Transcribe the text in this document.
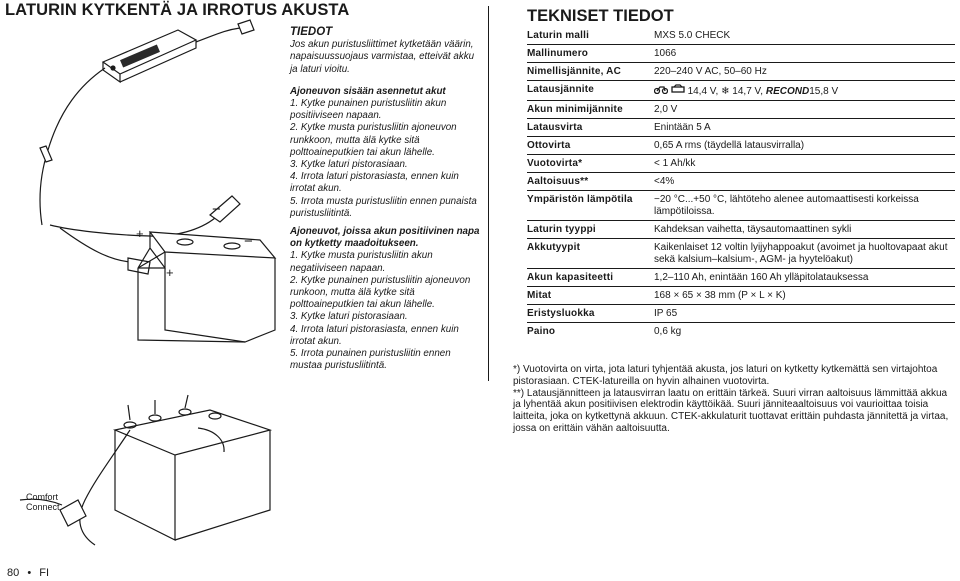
LATURIN KYTKENTÄ JA IRROTUS AKUSTA
+
−
+
−
Comfort
Connect
TIEDOT

Jos akun puristusliittimet kytketään väärin, napaisuussuojaus varmistaa, etteivät akku ja laturi vioitu.

Ajoneuvon sisään asennetut akut

1. Kytke punainen puristusliitin akun positiiviseen napaan.

2. Kytke musta puristusliitin ajoneuvon runkkoon, mutta älä kytke sitä polttoaineputkien tai akun lähelle.

3. Kytke laturi pistorasiaan.

4. Irrota laturi pistorasiasta, ennen kuin irrotat akun.

5. Irrota musta puristusliitin ennen punaista puristusliitintä.

Ajoneuvot, joissa akun positiivinen napa on kytketty maadoitukseen.

1. Kytke musta puristusliitin akun negatiiviseen napaan.

2. Kytke punainen puristusliitin ajoneuvon runkoon, mutta älä kytke sitä polttoaineputkien tai akun lähelle.

3. Kytke laturi pistorasiaan.

4. Irrota laturi pistorasiasta, ennen kuin irrotat akun.

5. Irrota punainen puristusliitin ennen mustaa puristusliitintä.

80 • FI
TEKNISET TIEDOT
Laturin malli	MXS 5.0 CHECK
Mallinumero	1066
Nimellisjännite, AC	220–240 V AC, 50–60 Hz
Latausjännite	14,4 V, ❄ 14,7 V, RECOND15,8 V
Akun minimijännite	2,0 V
Latausvirta	Enintään 5 A
Ottovirta	0,65 A rms (täydellä latausvirralla)
Vuotovirta*	< 1 Ah/kk
Aaltoisuus**	<4%
Ympäristön lämpötila	−20 °C...+50 °C, lähtöteho alenee automaattisesti korkeissa lämpötiloissa.
Laturin tyyppi	Kahdeksan vaihetta, täysautomaattinen sykli
Akkutyypit	Kaikenlaiset 12 voltin lyijyhappoakut (avoimet ja huoltovapaat akut sekä kalsium–kalsium-, AGM- ja hyytelöakut)
Akun kapasiteetti	1,2–110 Ah, enintään 160 Ah ylläpitolatauksessa
Mitat	168 × 65 × 38 mm (P × L × K)
Eristysluokka	IP 65
Paino	0,6 kg

*) Vuotovirta on virta, jota laturi tyhjentää akusta, jos laturi on kytketty kytkemättä sen virtajohtoa pistorasiaan. CTEK-latureilla on hyvin alhainen vuotovirta.

**) Latausjännitteen ja latausvirran laatu on erittäin tärkeä. Suuri virran aaltoisuus lämmittää akkua ja lyhentää akun positiivisen elektrodin käyttöikää. Suuri jänniteaaltoisuus voi vaurioittaa toisia laitteita, joka on kytkettynä akkuun. CTEK-akkulaturit tuottavat erittäin puhdasta jännitettä ja virtaa, jossa on erittäin vähän aaltoisuutta.
